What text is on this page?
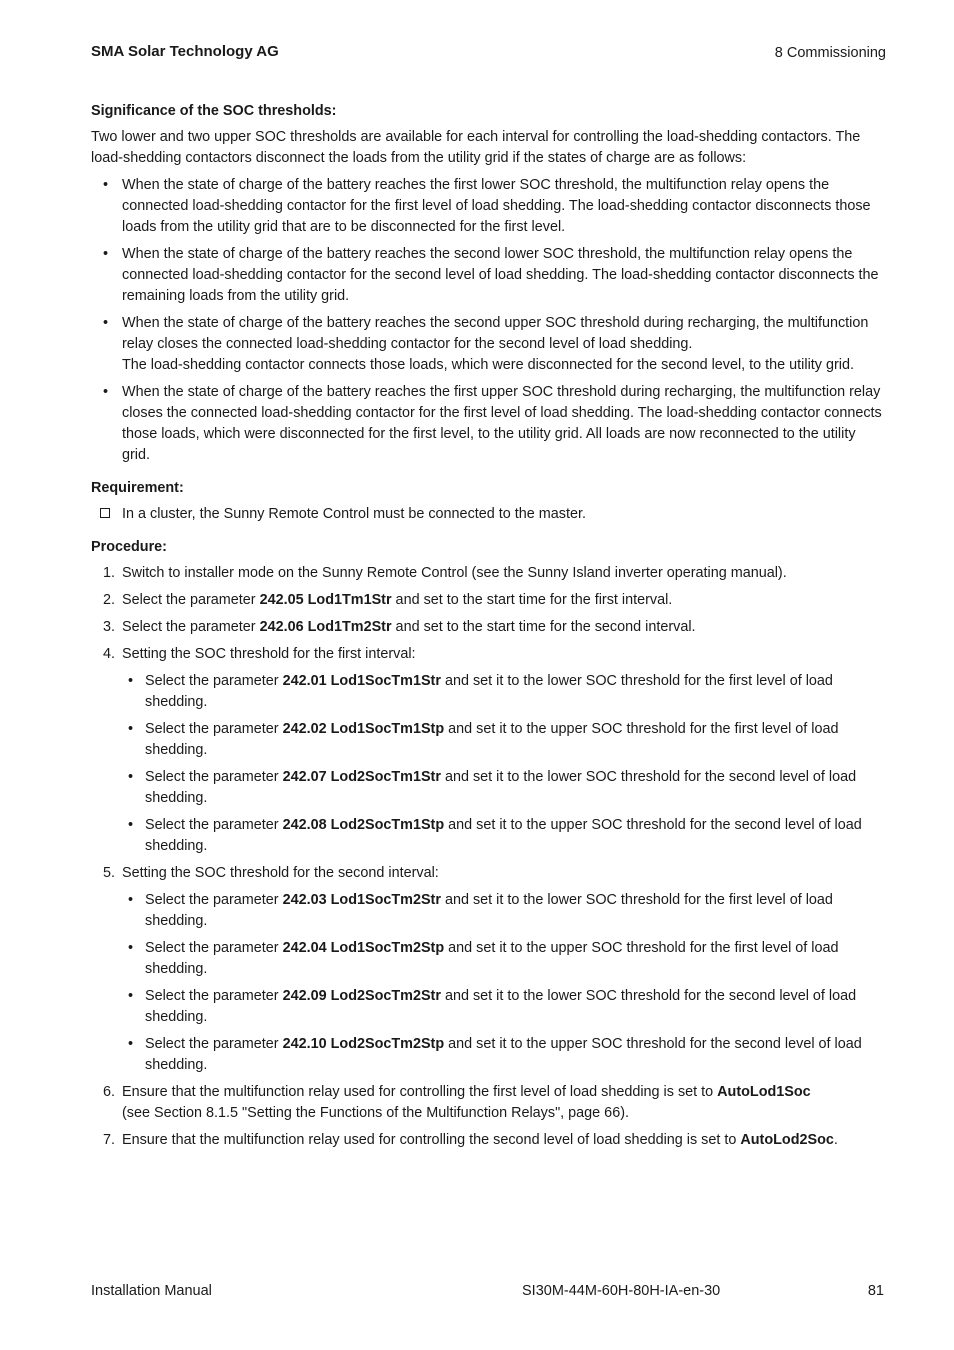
SMA Solar Technology AG	8 Commissioning
Significance of the SOC thresholds:

Two lower and two upper SOC thresholds are available for each interval for controlling the load-shedding contactors. The load-shedding contactors disconnect the loads from the utility grid if the states of charge are as follows:

• When the state of charge of the battery reaches the first lower SOC threshold, the multifunction relay opens the connected load-shedding contactor for the first level of load shedding. The load-shedding contactor disconnects those loads from the utility grid that are to be disconnected for the first level.
• When the state of charge of the battery reaches the second lower SOC threshold, the multifunction relay opens the connected load-shedding contactor for the second level of load shedding. The load-shedding contactor disconnects the remaining loads from the utility grid.
• When the state of charge of the battery reaches the second upper SOC threshold during recharging, the multifunction relay closes the connected load-shedding contactor for the second level of load shedding.
The load-shedding contactor connects those loads, which were disconnected for the second level, to the utility grid.
• When the state of charge of the battery reaches the first upper SOC threshold during recharging, the multifunction relay closes the connected load-shedding contactor for the first level of load shedding. The load-shedding contactor connects those loads, which were disconnected for the first level, to the utility grid. All loads are now reconnected to the utility grid.
Requirement:
In a cluster, the Sunny Remote Control must be connected to the master.
Procedure:
1. Switch to installer mode on the Sunny Remote Control (see the Sunny Island inverter operating manual).
2. Select the parameter 242.05 Lod1Tm1Str and set to the start time for the first interval.
3. Select the parameter 242.06 Lod1Tm2Str and set to the start time for the second interval.
4. Setting the SOC threshold for the first interval:
• Select the parameter 242.01 Lod1SocTm1Str and set it to the lower SOC threshold for the first level of load shedding.
• Select the parameter 242.02 Lod1SocTm1Stp and set it to the upper SOC threshold for the first level of load shedding.
• Select the parameter 242.07 Lod2SocTm1Str and set it to the lower SOC threshold for the second level of load shedding.
• Select the parameter 242.08 Lod2SocTm1Stp and set it to the upper SOC threshold for the second level of load shedding.
5. Setting the SOC threshold for the second interval:
• Select the parameter 242.03 Lod1SocTm2Str and set it to the lower SOC threshold for the first level of load shedding.
• Select the parameter 242.04 Lod1SocTm2Stp and set it to the upper SOC threshold for the first level of load shedding.
• Select the parameter 242.09 Lod2SocTm2Str and set it to the lower SOC threshold for the second level of load shedding.
• Select the parameter 242.10 Lod2SocTm2Stp and set it to the upper SOC threshold for the second level of load shedding.
6. Ensure that the multifunction relay used for controlling the first level of load shedding is set to AutoLod1Soc
(see Section 8.1.5 "Setting the Functions of the Multifunction Relays", page 66).
7. Ensure that the multifunction relay used for controlling the second level of load shedding is set to AutoLod2Soc.
Installation Manual	SI30M-44M-60H-80H-IA-en-30	81
